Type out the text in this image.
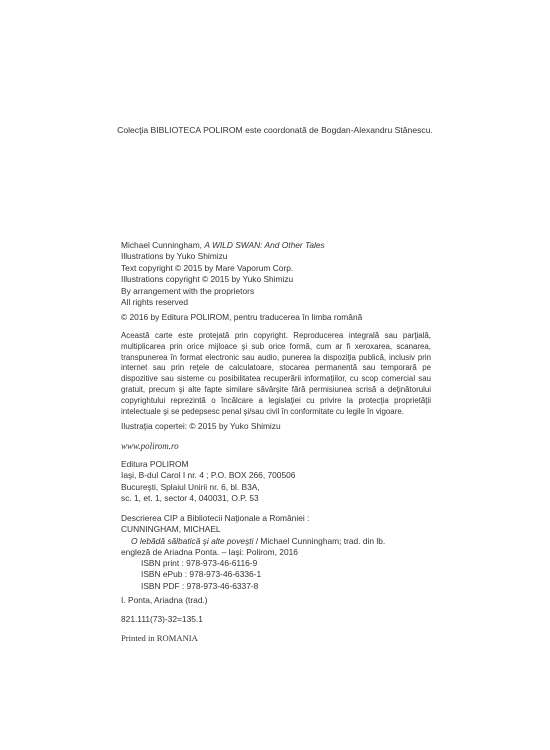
Colecţia BIBLIOTECA POLIROM este coordonată de Bogdan-Alexandru Stănescu.
Michael Cunningham, A WILD SWAN: And Other Tales
Illustrations by Yuko Shimizu
Text copyright © 2015 by Mare Vaporum Corp.
Illustrations copyright © 2015 by Yuko Shimizu
By arrangement with the proprietors
All rights reserved
© 2016 by Editura POLIROM, pentru traducerea în limba română
Această carte este protejată prin copyright. Reproducerea integrală sau parţială, multiplicarea prin orice mijloace şi sub orice formă, cum ar fi xeroxarea, scanarea, transpunerea în format electronic sau audio, punerea la dispoziţia publică, inclusiv prin internet sau prin reţele de calculatoare, stocarea permanentă sau temporară pe dispozitive sau sisteme cu posibilitatea recuperării informaţiilor, cu scop comercial sau gratuit, precum şi alte fapte similare săvârşite fără permisiunea scrisă a deţinătorului copyrightului reprezintă o încălcare a legislaţiei cu privire la protecţia proprietăţii intelectuale şi se pedepsesc penal şi/sau civil în conformitate cu legile în vigoare.
Ilustraţia copertei: © 2015 by Yuko Shimizu
www.polirom.ro
Editura POLIROM
Iaşi, B-dul Carol I nr. 4 ; P.O. BOX 266, 700506
Bucureşti, Splaiul Unirii nr. 6, bl. B3A,
sc. 1, et. 1, sector 4, 040031, O.P. 53
Descrierea CIP a Bibliotecii Naţionale a României :
CUNNINGHAM, MICHAEL
O lebădă sălbatică şi alte poveşti / Michael Cunningham; trad. din lb.
engleză de Ariadna Ponta. – Iaşi: Polirom, 2016
ISBN print : 978-973-46-6116-9
ISBN ePub : 978-973-46-6336-1
ISBN PDF : 978-973-46-6337-8
I. Ponta, Ariadna (trad.)
821.111(73)-32=135.1
Printed in ROMANIA
